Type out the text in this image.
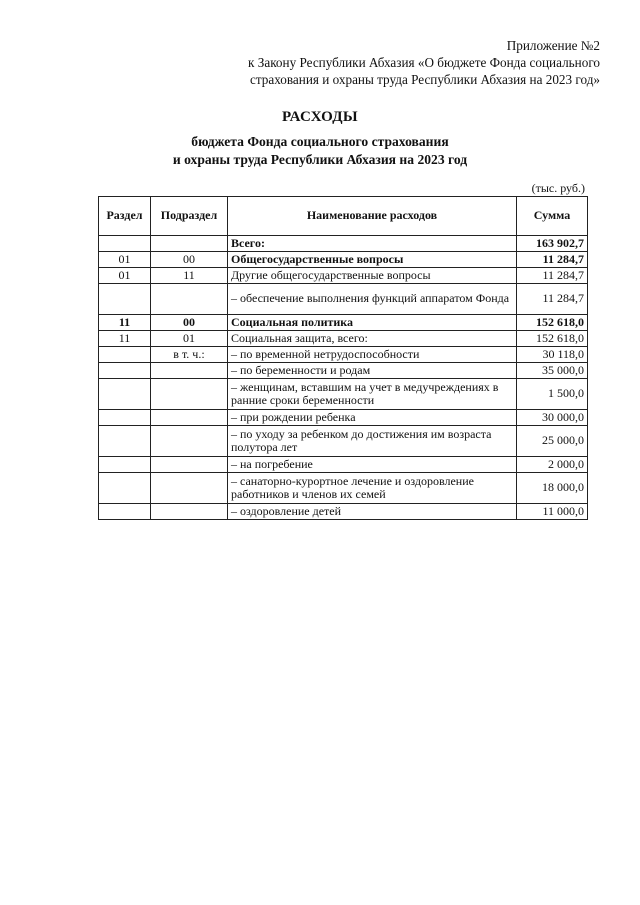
Приложение №2
к Закону Республики Абхазия «О бюджете Фонда социального
страхования и охраны труда Республики Абхазия на 2023 год»
РАСХОДЫ
бюджета Фонда социального страхования
и охраны труда Республики Абхазия на 2023 год
(тыс. руб.)
Раздел	Подраздел	Наименование расходов	Сумма
		Всего:	163 902,7
01	00	Общегосударственные вопросы	11 284,7
01	11	Другие общегосударственные вопросы	11 284,7
		– обеспечение выполнения функций аппаратом Фонда	11 284,7
11	00	Социальная политика	152 618,0
11	01	Социальная защита, всего:	152 618,0
	в т. ч.:	– по временной нетрудоспособности	30 118,0
		– по беременности и родам	35 000,0
		– женщинам, вставшим на учет в медучреждениях в ранние сроки беременности	1 500,0
		– при рождении ребенка	30 000,0
		– по уходу за ребенком до достижения им возраста полутора лет	25 000,0
		– на погребение	2 000,0
		– санаторно-курортное лечение и оздоровление работников и членов их семей	18 000,0
		– оздоровление детей	11 000,0
